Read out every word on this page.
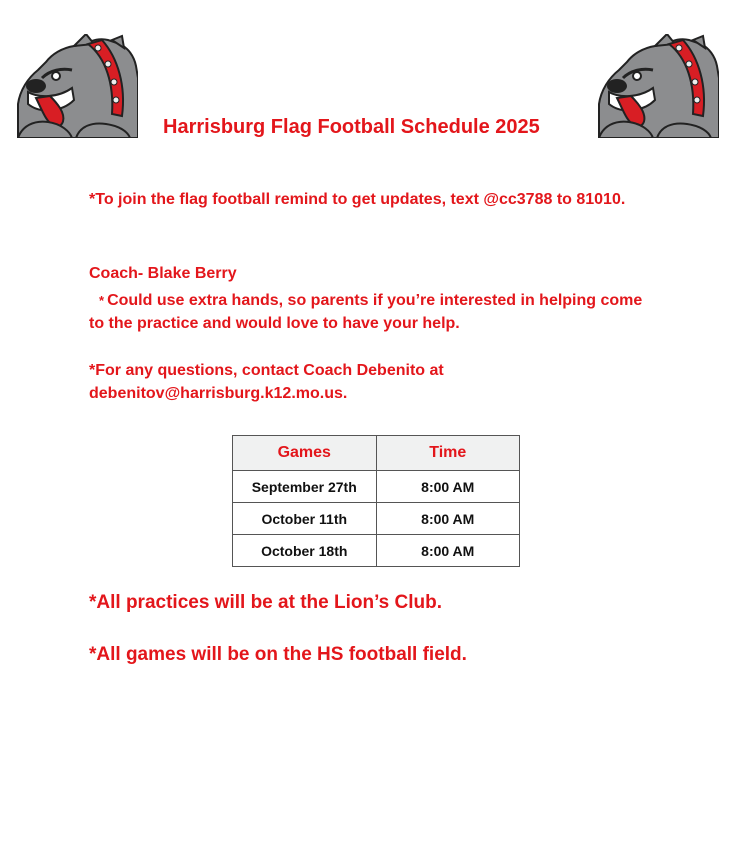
Harrisburg Flag Football Schedule 2025

*To join the flag football remind to get updates, text @cc3788 to 81010.

Coach- Blake Berry

* Could use extra hands, so parents if you’re interested in helping come to the practice and would love to have your help.

*For any questions, contact Coach Debenito at debenitov@harrisburg.k12.mo.us.

Games	Time
September 27th	8:00 AM
October 11th	8:00 AM
October 18th	8:00 AM

*All practices will be at the Lion’s Club.

*All games will be on the HS football field.
